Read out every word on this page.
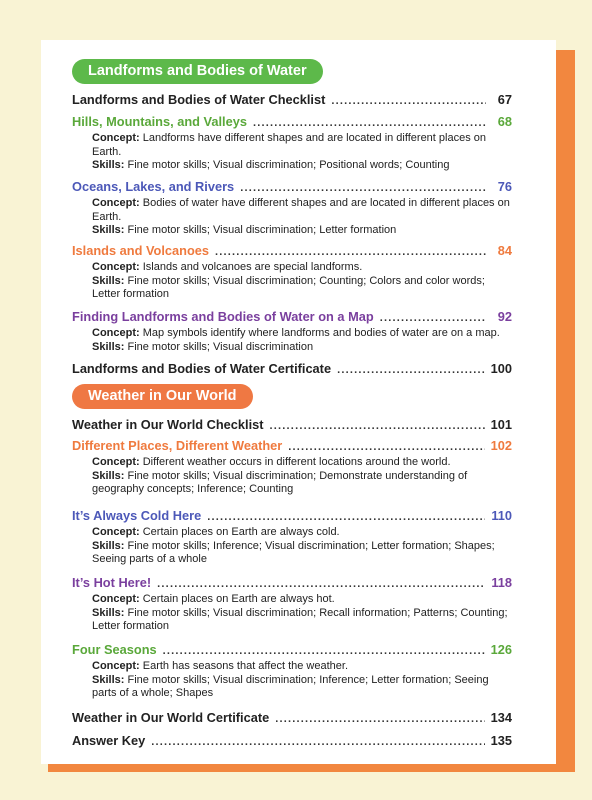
Landforms and Bodies of Water
Landforms and Bodies of Water Checklist .....	67
Hills, Mountains, and Valleys .....	68
Concept: Landforms have different shapes and are located in different places on Earth.
Skills: Fine motor skills; Visual discrimination; Positional words; Counting
Oceans, Lakes, and Rivers .....	76
Concept: Bodies of water have different shapes and are located in different places on Earth.
Skills: Fine motor skills; Visual discrimination; Letter formation
Islands and Volcanoes .....	84
Concept: Islands and volcanoes are special landforms.
Skills: Fine motor skills; Visual discrimination; Counting; Colors and color words; Letter formation
Finding Landforms and Bodies of Water on a Map .....	92
Concept: Map symbols identify where landforms and bodies of water are on a map.
Skills: Fine motor skills; Visual discrimination
Landforms and Bodies of Water Certificate .....	100
Weather in Our World
Weather in Our World Checklist .....	101
Different Places, Different Weather .....	102
Concept: Different weather occurs in different locations around the world.
Skills: Fine motor skills; Visual discrimination; Demonstrate understanding of geography concepts; Inference; Counting
It’s Always Cold Here .....	110
Concept: Certain places on Earth are always cold.
Skills: Fine motor skills; Inference; Visual discrimination; Letter formation; Shapes; Seeing parts of a whole
It’s Hot Here! .....	118
Concept: Certain places on Earth are always hot.
Skills: Fine motor skills; Visual discrimination; Recall information; Patterns; Counting; Letter formation
Four Seasons .....	126
Concept: Earth has seasons that affect the weather.
Skills: Fine motor skills; Visual discrimination; Inference; Letter formation; Seeing parts of a whole; Shapes
Weather in Our World Certificate .....	134
Answer Key .....	135
